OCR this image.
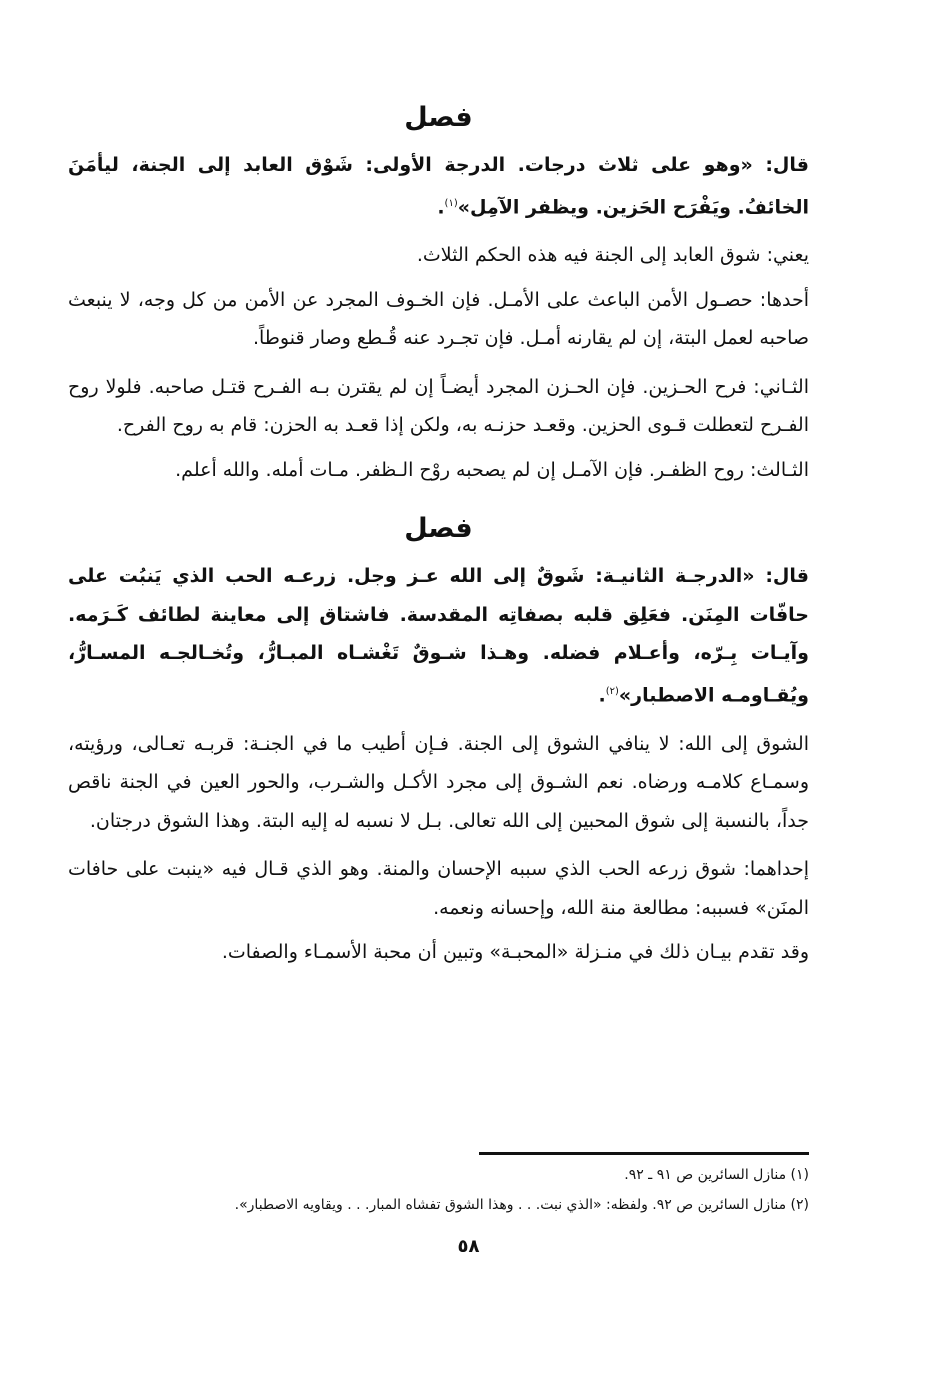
فصل

قال: «وهو على ثلاث درجات. الدرجة الأولى: شَوْق العابد إلى الجنة، ليأمَنَ الخائفُ. ويَفْرَح الحَزين. ويظفر الآمِل»$^{(١)}$.

يعني: شوق العابد إلى الجنة فيه هذه الحكم الثلاث.

أحدها: حصـول الأمن الباعث على الأمـل. فإن الخـوف المجرد عن الأمن من كل وجه، لا ينبعث صاحبه لعمل البتة، إن لم يقارنه أمـل. فإن تجـرد عنه قُـطع وصار قنوطاً.

الثـاني: فرح الحـزين. فإن الحـزن المجرد أيضـاً إن لم يقترن بـه الفـرح قتـل صاحبه. فلولا روح الفـرح لتعطلت قـوى الحزين. وقعـد حزنـه به، ولكن إذا قعـد به الحزن: قام به روح الفرح.

الثـالث: روح الظفـر. فإن الآمـل إن لم يصحبه روْح الـظفر. مـات أمله. والله أعلم.

فصل

قال: «الدرجـة الثانيـة: شَوقٌ إلى الله عـز وجل. زرعـه الحب الذي يَنبُت على حافّات المِنَن. فعَلِق قلبه بصفاتِه المقدسة. فاشتاق إلى معاينة لطائف كَـرَمه. وآيـات بِـرّه، وأعـلام فضله. وهـذا شـوقٌ تَغْشـاه المبـارُّ، وتُخـالجـه المسـارُّ، ويُقـاومـه الاصطبار»$^{(٢)}$.

الشوق إلى الله: لا ينافي الشوق إلى الجنة. فـإن أطيب ما في الجنـة: قربـه تعـالى، ورؤيته، وسمـاع كلامـه ورضاه. نعم الشـوق إلى مجرد الأكـل والشـرب، والحور العين في الجنة ناقص جداً، بالنسبة إلى شوق المحبين إلى الله تعالى. بـل لا نسبه له إليه البتة. وهذا الشوق درجتان.

إحداهما: شوق زرعه الحب الذي سببه الإحسان والمنة. وهو الذي قـال فيه «ينبت على حافات المنَن» فسببه: مطالعة منة الله، وإحسانه ونعمه.

وقد تقدم بيـان ذلك في منـزلة «المحبـة» وتبين أن محبة الأسمـاء والصفات.

(١) منازل السائرين ص ٩١ ـ ٩٢.

(٢) منازل السائرين ص ٩٢. ولفظه: «الذي نبت. . . وهذا الشوق تفشاه المبار. . . ويقاويه الاصطبار».

٥٨
